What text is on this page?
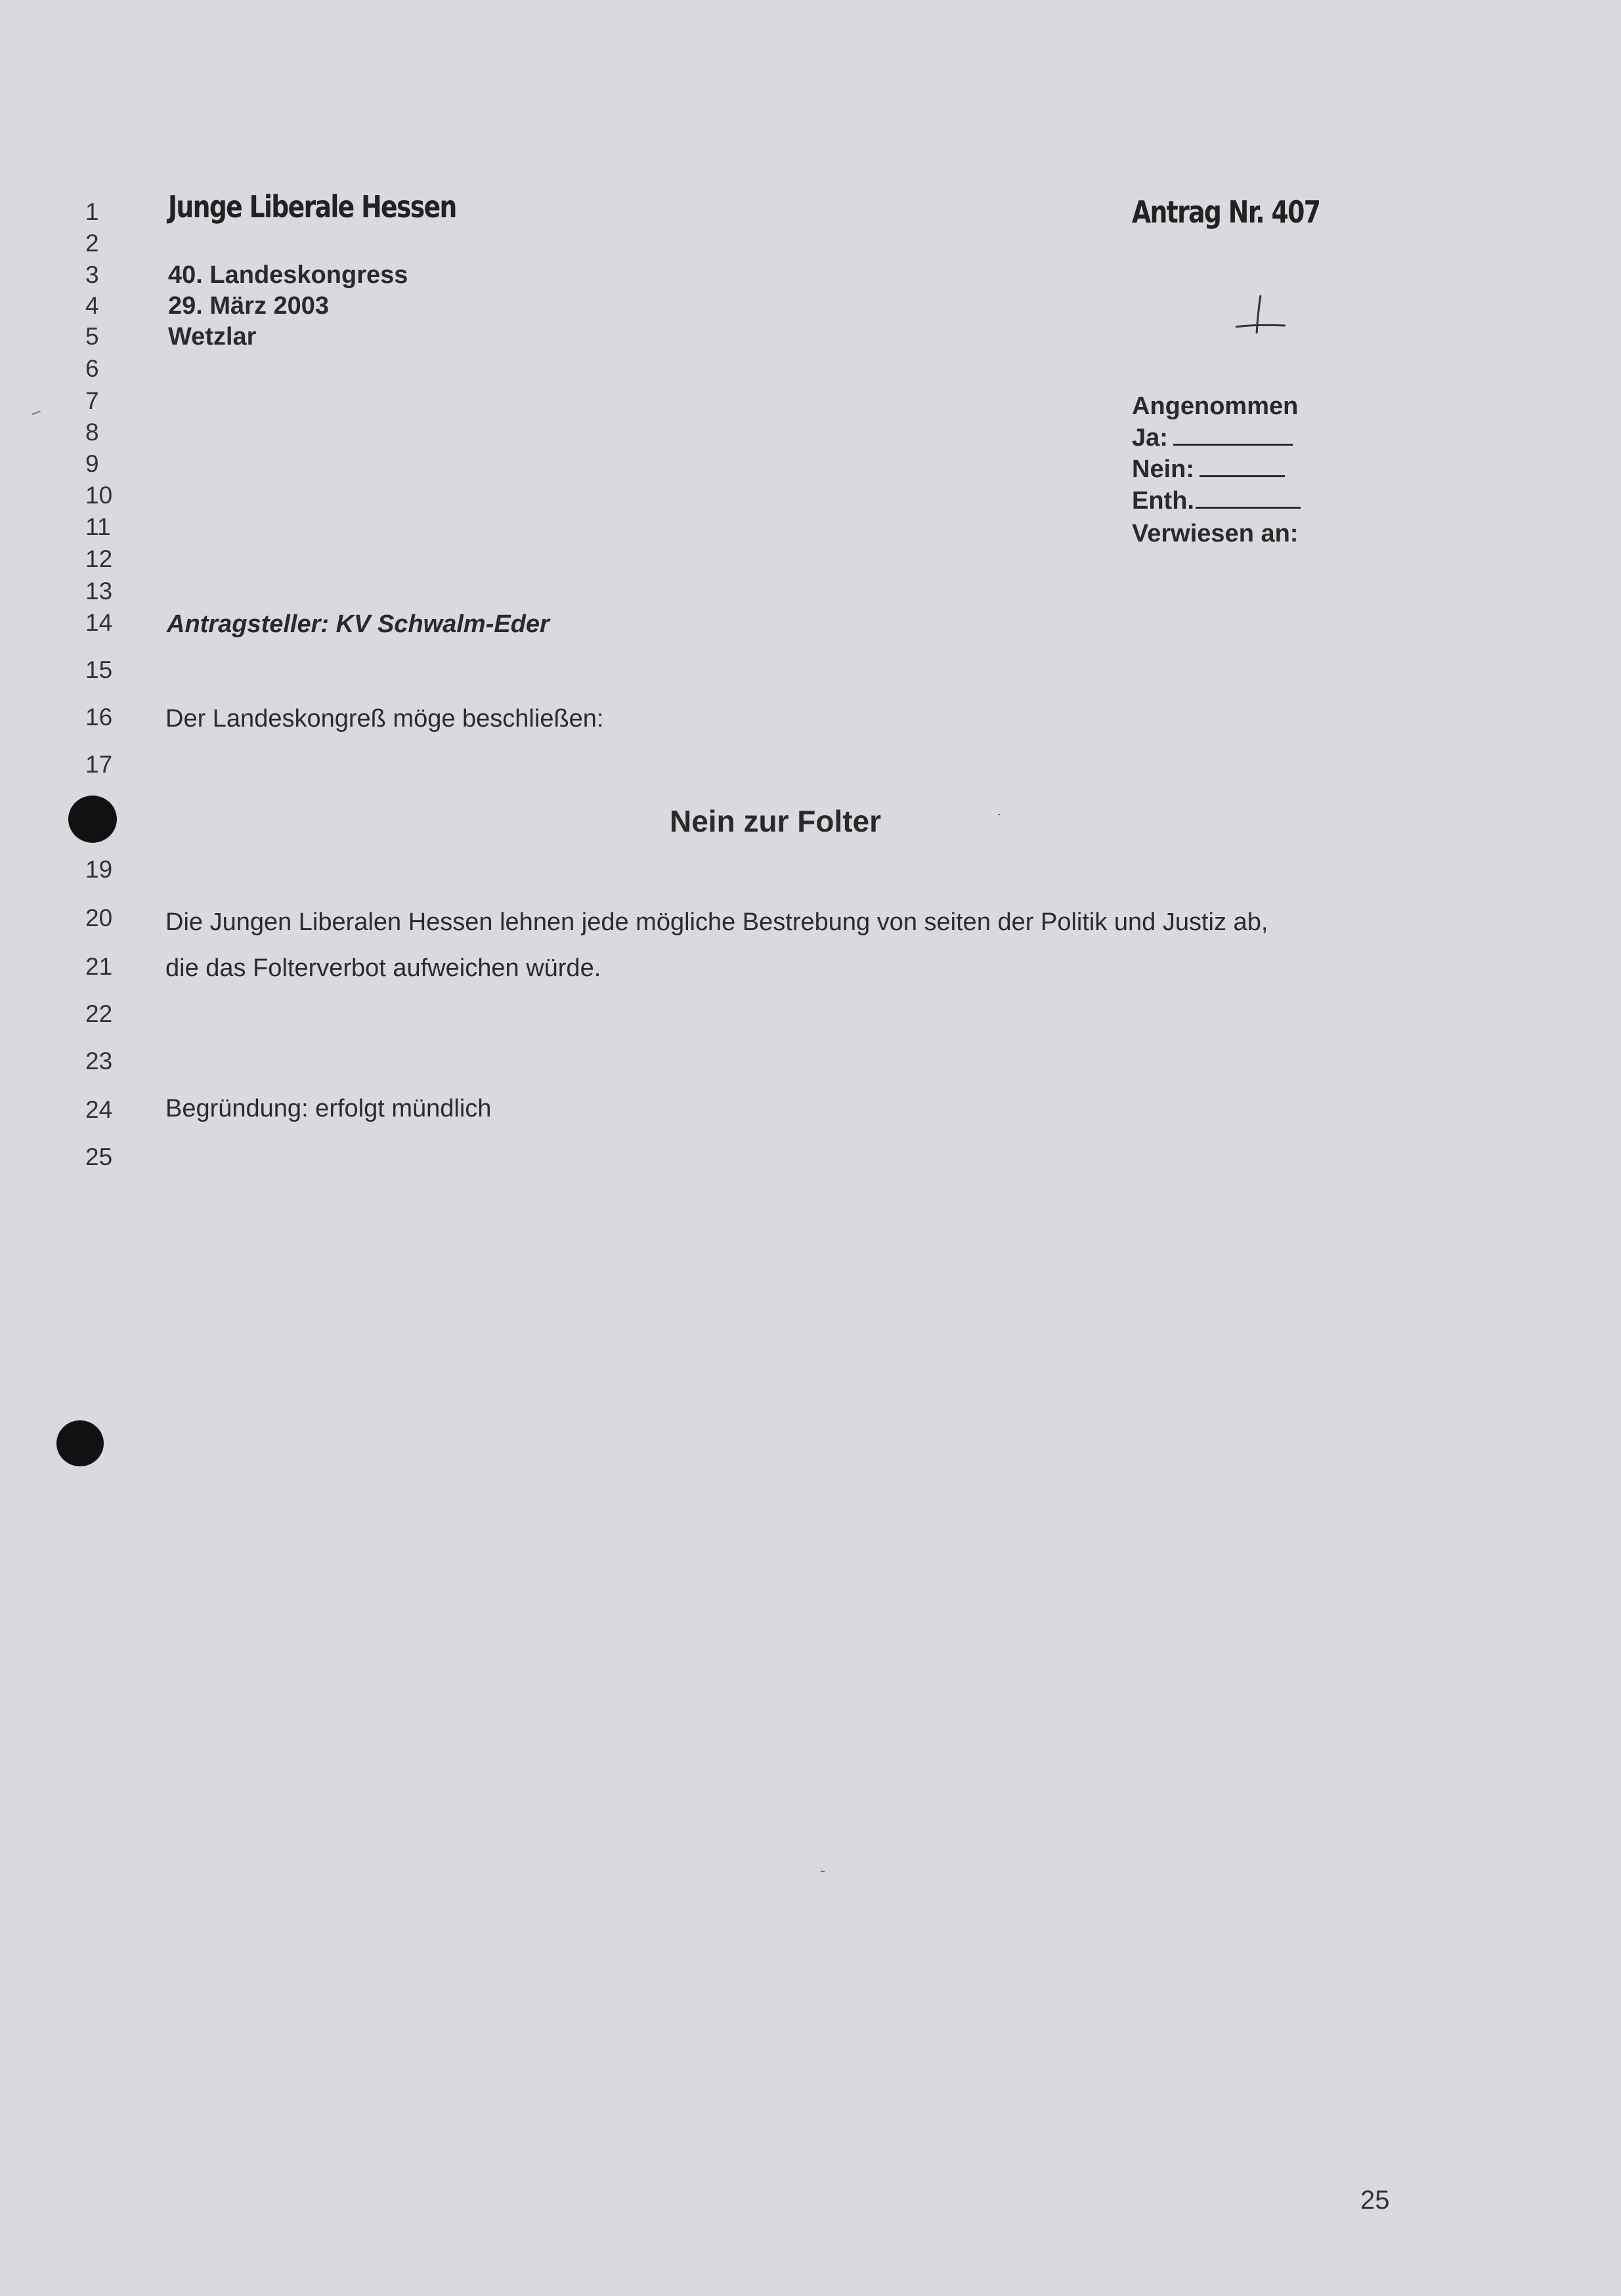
1
2
3
4
5
6
7
8
9
10
11
12
13
14
15
16
17
19
20
21
22
23
24
25
Junge Liberale Hessen	Antrag Nr. 407
40. Landeskongress
29. März 2003
Wetzlar
Angenommen
Ja:
Nein:
Enth.
Verwiesen an:
Antragsteller: KV Schwalm-Eder
Der Landeskongreß möge beschließen:
Nein zur Folter
Die Jungen Liberalen Hessen lehnen jede mögliche Bestrebung von seiten der Politik und Justiz ab,
die das Folterverbot aufweichen würde.
Begründung: erfolgt mündlich
25
